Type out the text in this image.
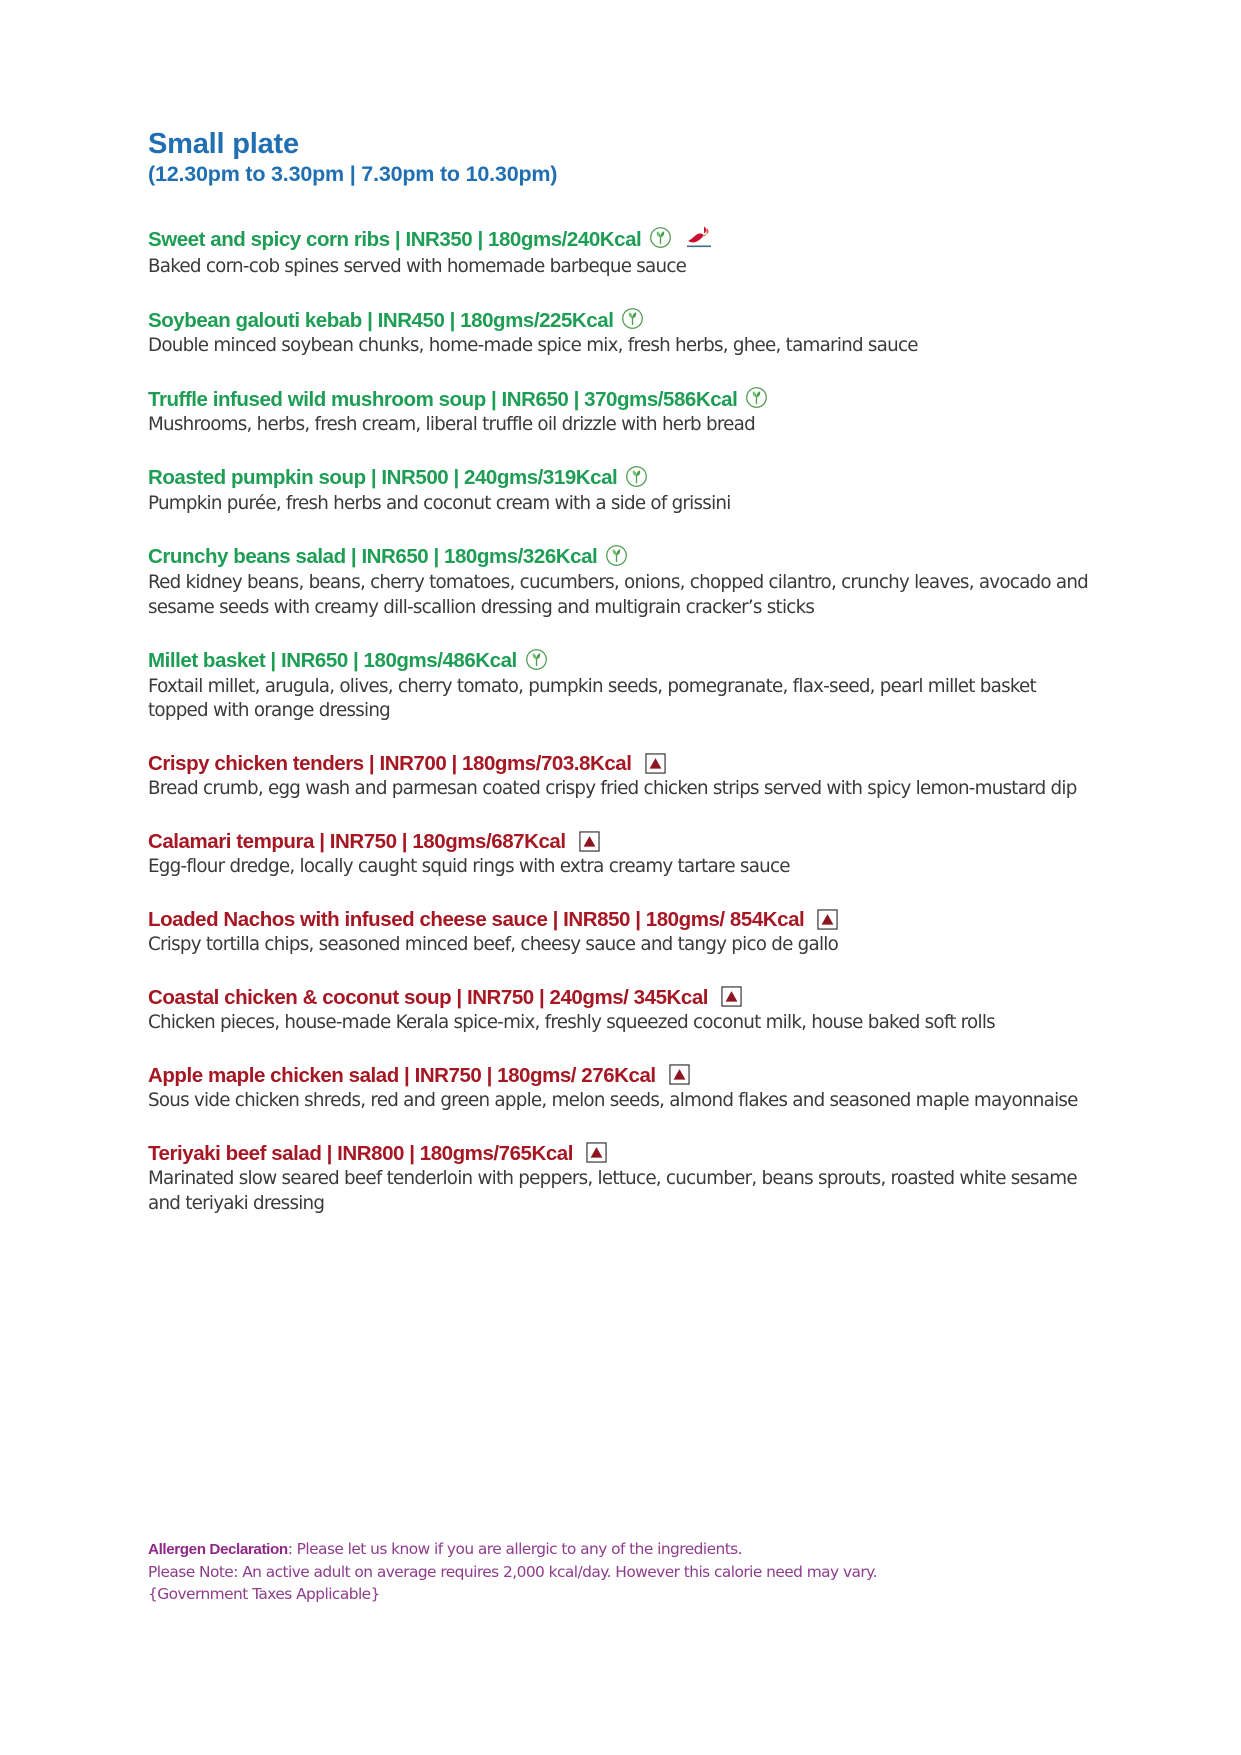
Small plate
(12.30pm to 3.30pm | 7.30pm to 10.30pm)
Sweet and spicy corn ribs | INR350 | 180gms/240Kcal
Baked corn-cob spines served with homemade barbeque sauce
Soybean galouti kebab | INR450 | 180gms/225Kcal
Double minced soybean chunks, home-made spice mix, fresh herbs, ghee, tamarind sauce
Truffle infused wild mushroom soup | INR650 | 370gms/586Kcal
Mushrooms, herbs, fresh cream, liberal truffle oil drizzle with herb bread
Roasted pumpkin soup | INR500 | 240gms/319Kcal
Pumpkin purée, fresh herbs and coconut cream with a side of grissini
Crunchy beans salad | INR650 | 180gms/326Kcal
Red kidney beans, beans, cherry tomatoes, cucumbers, onions, chopped cilantro, crunchy leaves, avocado and sesame seeds with creamy dill-scallion dressing and multigrain cracker’s sticks
Millet basket | INR650 | 180gms/486Kcal
Foxtail millet, arugula, olives, cherry tomato, pumpkin seeds, pomegranate, flax-seed, pearl millet basket topped with orange dressing
Crispy chicken tenders | INR700 | 180gms/703.8Kcal
Bread crumb, egg wash and parmesan coated crispy fried chicken strips served with spicy lemon-mustard dip
Calamari tempura | INR750 | 180gms/687Kcal
Egg-flour dredge, locally caught squid rings with extra creamy tartare sauce
Loaded Nachos with infused cheese sauce | INR850 | 180gms/ 854Kcal
Crispy tortilla chips, seasoned minced beef, cheesy sauce and tangy pico de gallo
Coastal chicken & coconut soup | INR750 | 240gms/ 345Kcal
Chicken pieces, house-made Kerala spice-mix, freshly squeezed coconut milk, house baked soft rolls
Apple maple chicken salad | INR750 | 180gms/ 276Kcal
Sous vide chicken shreds, red and green apple, melon seeds, almond flakes and seasoned maple mayonnaise
Teriyaki beef salad | INR800 | 180gms/765Kcal
Marinated slow seared beef tenderloin with peppers, lettuce, cucumber, beans sprouts, roasted white sesame and teriyaki dressing
Allergen Declaration: Please let us know if you are allergic to any of the ingredients.
Please Note: An active adult on average requires 2,000 kcal/day. However this calorie need may vary.
{Government Taxes Applicable}
